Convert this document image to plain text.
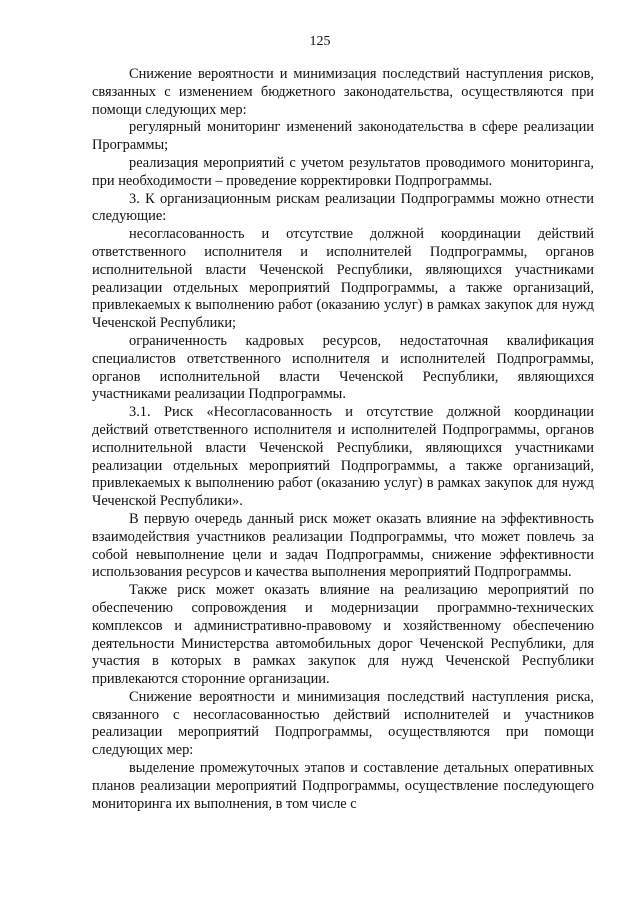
125

Снижение вероятности и минимизация последствий наступления рисков, связанных с изменением бюджетного законодательства, осуществляются при помощи следующих мер:

регулярный мониторинг изменений законодательства в сфере реализации Программы;

реализация мероприятий с учетом результатов проводимого мониторинга, при необходимости – проведение корректировки Подпрограммы.

3. К организационным рискам реализации Подпрограммы можно отнести следующие:

несогласованность и отсутствие должной координации действий ответственного исполнителя и исполнителей Подпрограммы, органов исполнительной власти Чеченской Республики, являющихся участниками реализации отдельных мероприятий Подпрограммы, а также организаций, привлекаемых к выполнению работ (оказанию услуг) в рамках закупок для нужд Чеченской Республики;

ограниченность кадровых ресурсов, недостаточная квалификация специалистов ответственного исполнителя и исполнителей Подпрограммы, органов исполнительной власти Чеченской Республики, являющихся участниками реализации Подпрограммы.

3.1. Риск «Несогласованность и отсутствие должной координации действий ответственного исполнителя и исполнителей Подпрограммы, органов исполнительной власти Чеченской Республики, являющихся участниками реализации отдельных мероприятий Подпрограммы, а также организаций, привлекаемых к выполнению работ (оказанию услуг) в рамках закупок для нужд Чеченской Республики».

В первую очередь данный риск может оказать влияние на эффективность взаимодействия участников реализации Подпрограммы, что может повлечь за собой невыполнение цели и задач Подпрограммы, снижение эффективности использования ресурсов и качества выполнения мероприятий Подпрограммы.

Также риск может оказать влияние на реализацию мероприятий по обеспечению сопровождения и модернизации программно-технических комплексов и административно-правовому и хозяйственному обеспечению деятельности Министерства автомобильных дорог Чеченской Республики, для участия в которых в рамках закупок для нужд Чеченской Республики привлекаются сторонние организации.

Снижение вероятности и минимизация последствий наступления риска, связанного с несогласованностью действий исполнителей и участников реализации мероприятий Подпрограммы, осуществляются при помощи следующих мер:

выделение промежуточных этапов и составление детальных оперативных планов реализации мероприятий Подпрограммы, осуществление последующего мониторинга их выполнения, в том числе с
